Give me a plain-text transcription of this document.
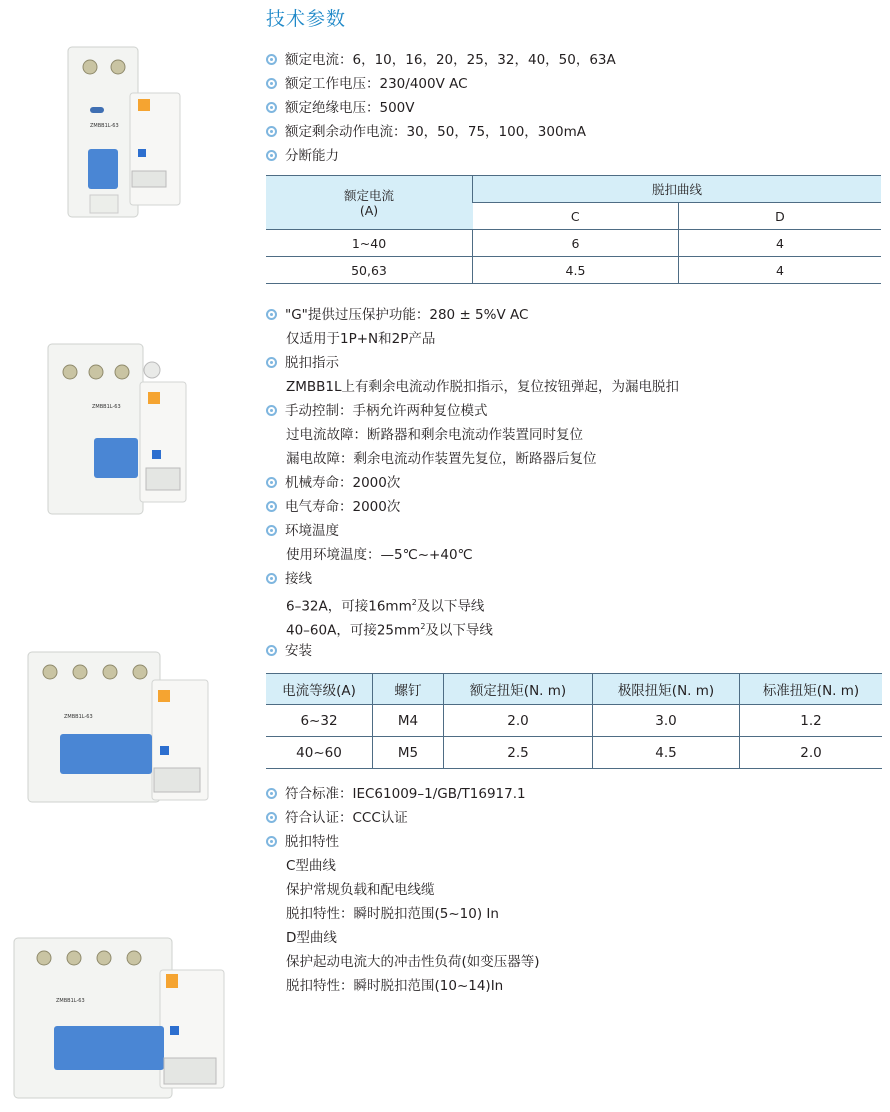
技术参数
额定电流：6，10，16，20，25，32，40，50，63A
额定工作电压：230/400V AC
额定绝缘电压：500V
额定剩余动作电流：30，50，75，100，300mA
分断能力
额定电流
(A)	脱扣曲线	
	C	D
1~40	6	4
50,63	4.5	4
"G"提供过压保护功能：280 ± 5%V AC
仅适用于1P+N和2P产品
脱扣指示
ZMBB1L上有剩余电流动作脱扣指示，复位按钮弹起，为漏电脱扣
手动控制：手柄允许两种复位模式
过电流故障：断路器和剩余电流动作装置同时复位
漏电故障：剩余电流动作装置先复位，断路器后复位
机械寿命：2000次
电气寿命：2000次
环境温度
使用环境温度：—5℃~+40℃
接线
6–32A，可接$16mm^2$及以下导线
40–60A，可接$25mm^2$及以下导线
安装
电流等级(A)	螺钉	额定扭矩(N. m)	极限扭矩(N. m)	标准扭矩(N. m)
6~32	M4	2.0	3.0	1.2
40~60	M5	2.5	4.5	2.0
符合标准：IEC61009–1/GB/T16917.1
符合认证：CCC认证
脱扣特性
C型曲线
保护常规负载和配电线缆
脱扣特性：瞬时脱扣范围(5~10) In
D型曲线
保护起动电流大的冲击性负荷(如变压器等)
脱扣特性：瞬时脱扣范围(10~14)In
ZMBB1L-63
ZMBB1L-63
ZMBB1L-63
ZMBB1L-63
